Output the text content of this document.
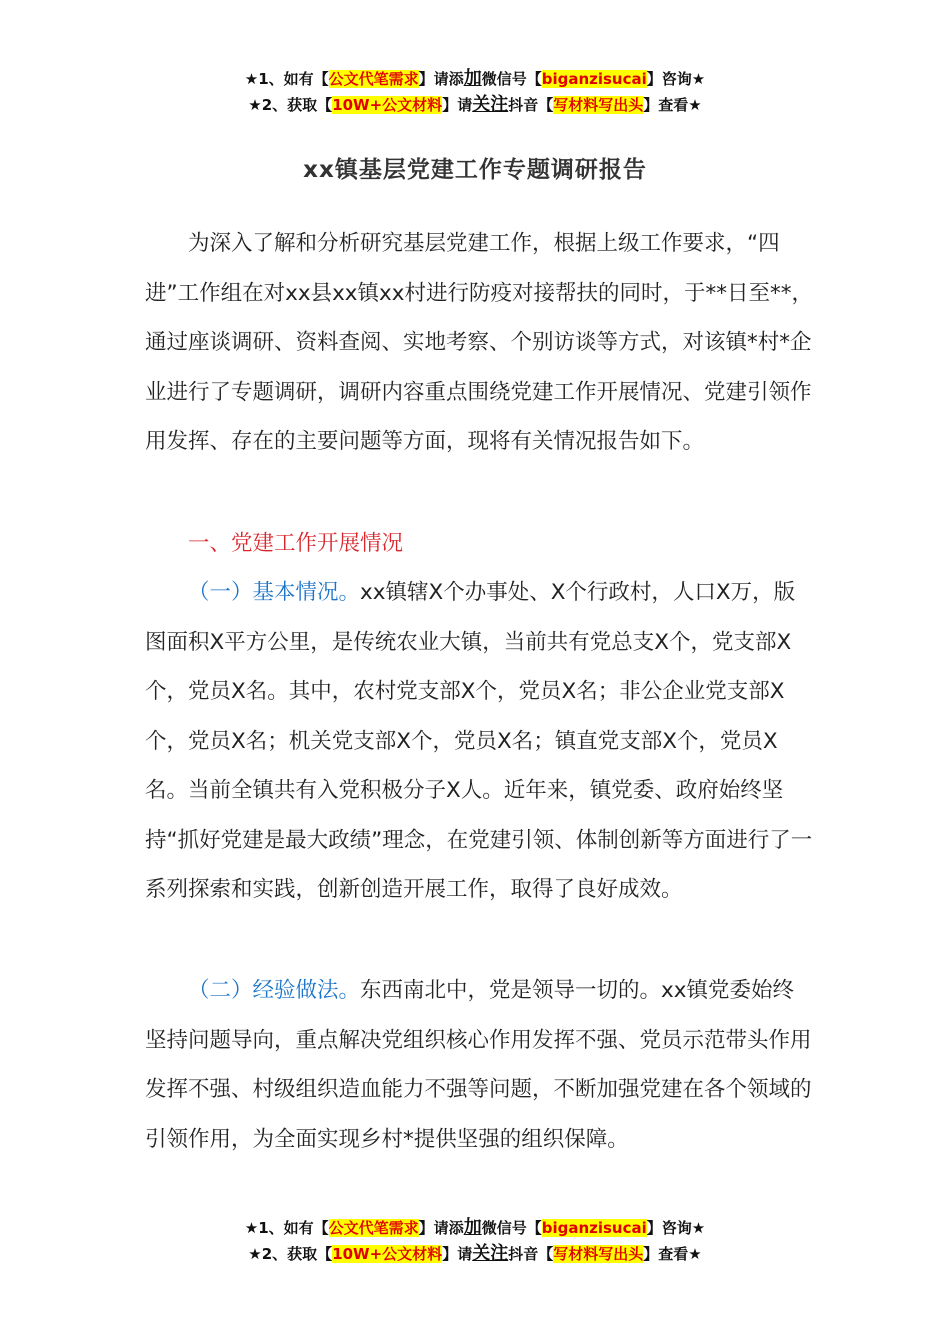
★1、如有【公文代笔需求】请添加微信号【biganzisucai】咨询★
★2、获取【10W+公文材料】请关注抖音【写材料写出头】查看★
xx镇基层党建工作专题调研报告

为深入了解和分析研究基层党建工作，根据上级工作要求，“四进”工作组在对xx县xx镇xx村进行防疫对接帮扶的同时，于**日至**，通过座谈调研、资料查阅、实地考察、个别访谈等方式，对该镇*村*企业进行了专题调研，调研内容重点围绕党建工作开展情况、党建引领作用发挥、存在的主要问题等方面，现将有关情况报告如下。

一、党建工作开展情况

（一）基本情况。xx镇辖X个办事处、X个行政村，人口X万，版图面积X平方公里，是传统农业大镇，当前共有党总支X个，党支部X个，党员X名。其中，农村党支部X个，党员X名；非公企业党支部X个，党员X名；机关党支部X个，党员X名；镇直党支部X个，党员X名。当前全镇共有入党积极分子X人。近年来，镇党委、政府始终坚持“抓好党建是最大政绩”理念，在党建引领、体制创新等方面进行了一系列探索和实践，创新创造开展工作，取得了良好成效。

（二）经验做法。东西南北中，党是领导一切的。xx镇党委始终坚持问题导向，重点解决党组织核心作用发挥不强、党员示范带头作用发挥不强、村级组织造血能力不强等问题，不断加强党建在各个领域的引领作用，为全面实现乡村*提供坚强的组织保障。

★1、如有【公文代笔需求】请添加微信号【biganzisucai】咨询★
★2、获取【10W+公文材料】请关注抖音【写材料写出头】查看★
